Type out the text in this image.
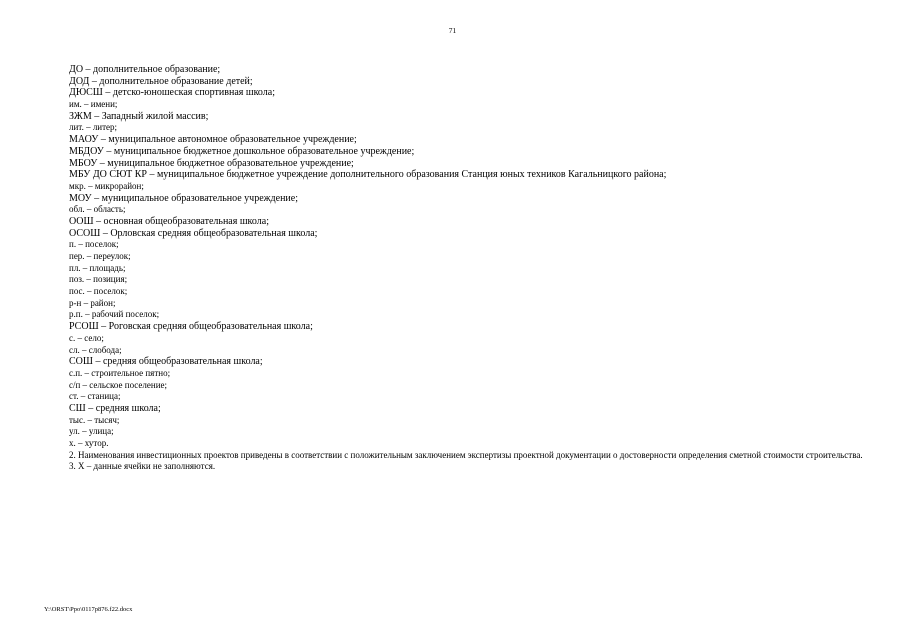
71
ДО – дополнительное образование;
ДОД – дополнительное образование детей;
ДЮСШ – детско-юношеская спортивная школа;
им. – имени;
ЗЖМ – Западный жилой массив;
лит. – литер;
МАОУ – муниципальное автономное образовательное учреждение;
МБДОУ – муниципальное бюджетное дошкольное образовательное учреждение;
МБОУ – муниципальное бюджетное образовательное учреждение;
МБУ ДО СЮТ КР – муниципальное бюджетное учреждение дополнительного образования Станция юных техников Кагальницкого района;
мкр. – микрорайон;
МОУ – муниципальное образовательное учреждение;
обл. – область;
ООШ – основная общеобразовательная школа;
ОСОШ – Орловская средняя общеобразовательная школа;
п. – поселок;
пер. – переулок;
пл. – площадь;
поз. – позиция;
пос. – поселок;
р-н – район;
р.п. – рабочий поселок;
РСОШ – Роговская средняя общеобразовательная школа;
с. – село;
сл. – слобода;
СОШ – средняя общеобразовательная школа;
с.п. – строительное пятно;
с/п – сельское поселение;
ст. – станица;
СШ – средняя школа;
тыс. – тысяч;
ул. – улица;
х. – хутор.

2. Наименования инвестиционных проектов приведены в соответствии с положительным заключением экспертизы проектной документации о достоверности определения сметной стоимости строительства.

3. Х – данные ячейки не заполняются.

Y:\ORST\Ppo\0117p876.f22.docx
